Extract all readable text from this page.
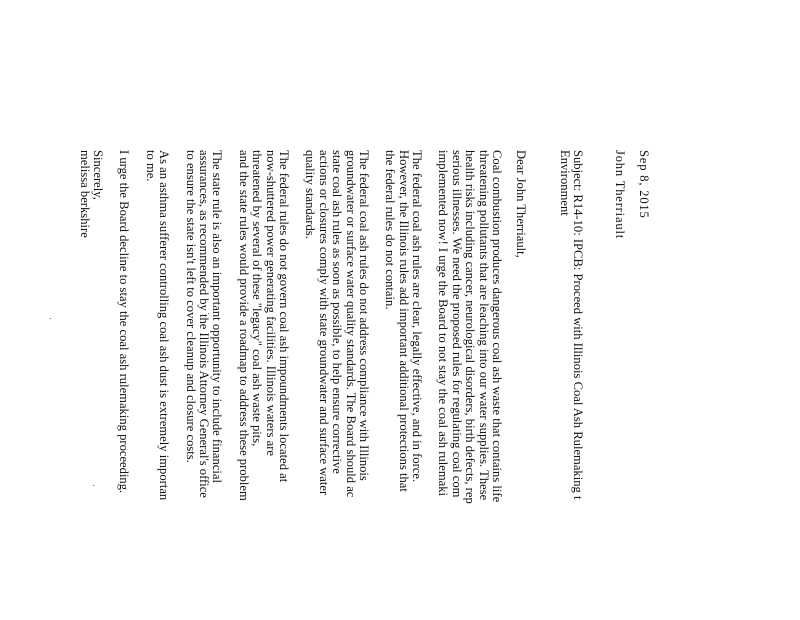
Sep 8, 2015
John Therriault
Subject: R14-10: IPCB: Proceed with Illinois Coal Ash Rulemaking t
Environment
Dear John Therriault,
Coal combustion produces dangerous coal ash waste that contains life
threatening pollutants that are leaching into our water supplies. These
health risks including cancer, neurological disorders, birth defects, rep
serious illnesses. We need the proposed rules for regulating coal com
implemented now! I urge the Board to not stay the coal ash rulemaki
The federal coal ash rules are clear, legally effective, and in force.
However, the Illinois rules add important additional protections that
the federal rules do not contain.
The federal coal ash rules do not address compliance with Illinois
groundwater or surface water quality standards. The Board should ac
state coal ash rules as soon as possible, to help ensure corrective
actions or closures comply with state groundwater and surface water
quality standards.
The federal rules do not govern coal ash impoundments located at
now-shuttered power generating facilities. Illinois waters are
threatened by several of these "legacy" coal ash waste pits,
and the state rules would provide a roadmap to address these problem
The state rule is also an important opportunity to include financial
assurances, as recommended by the Illinois Attorney General's office
to ensure the state isn't left to cover cleanup and closure costs.
As an asthma sufferer controlling coal ash dust is extremely importan
to me.
I urge the Board decline to stay the coal ash rulemaking proceeding.
Sincerely,
melissa berkshire
